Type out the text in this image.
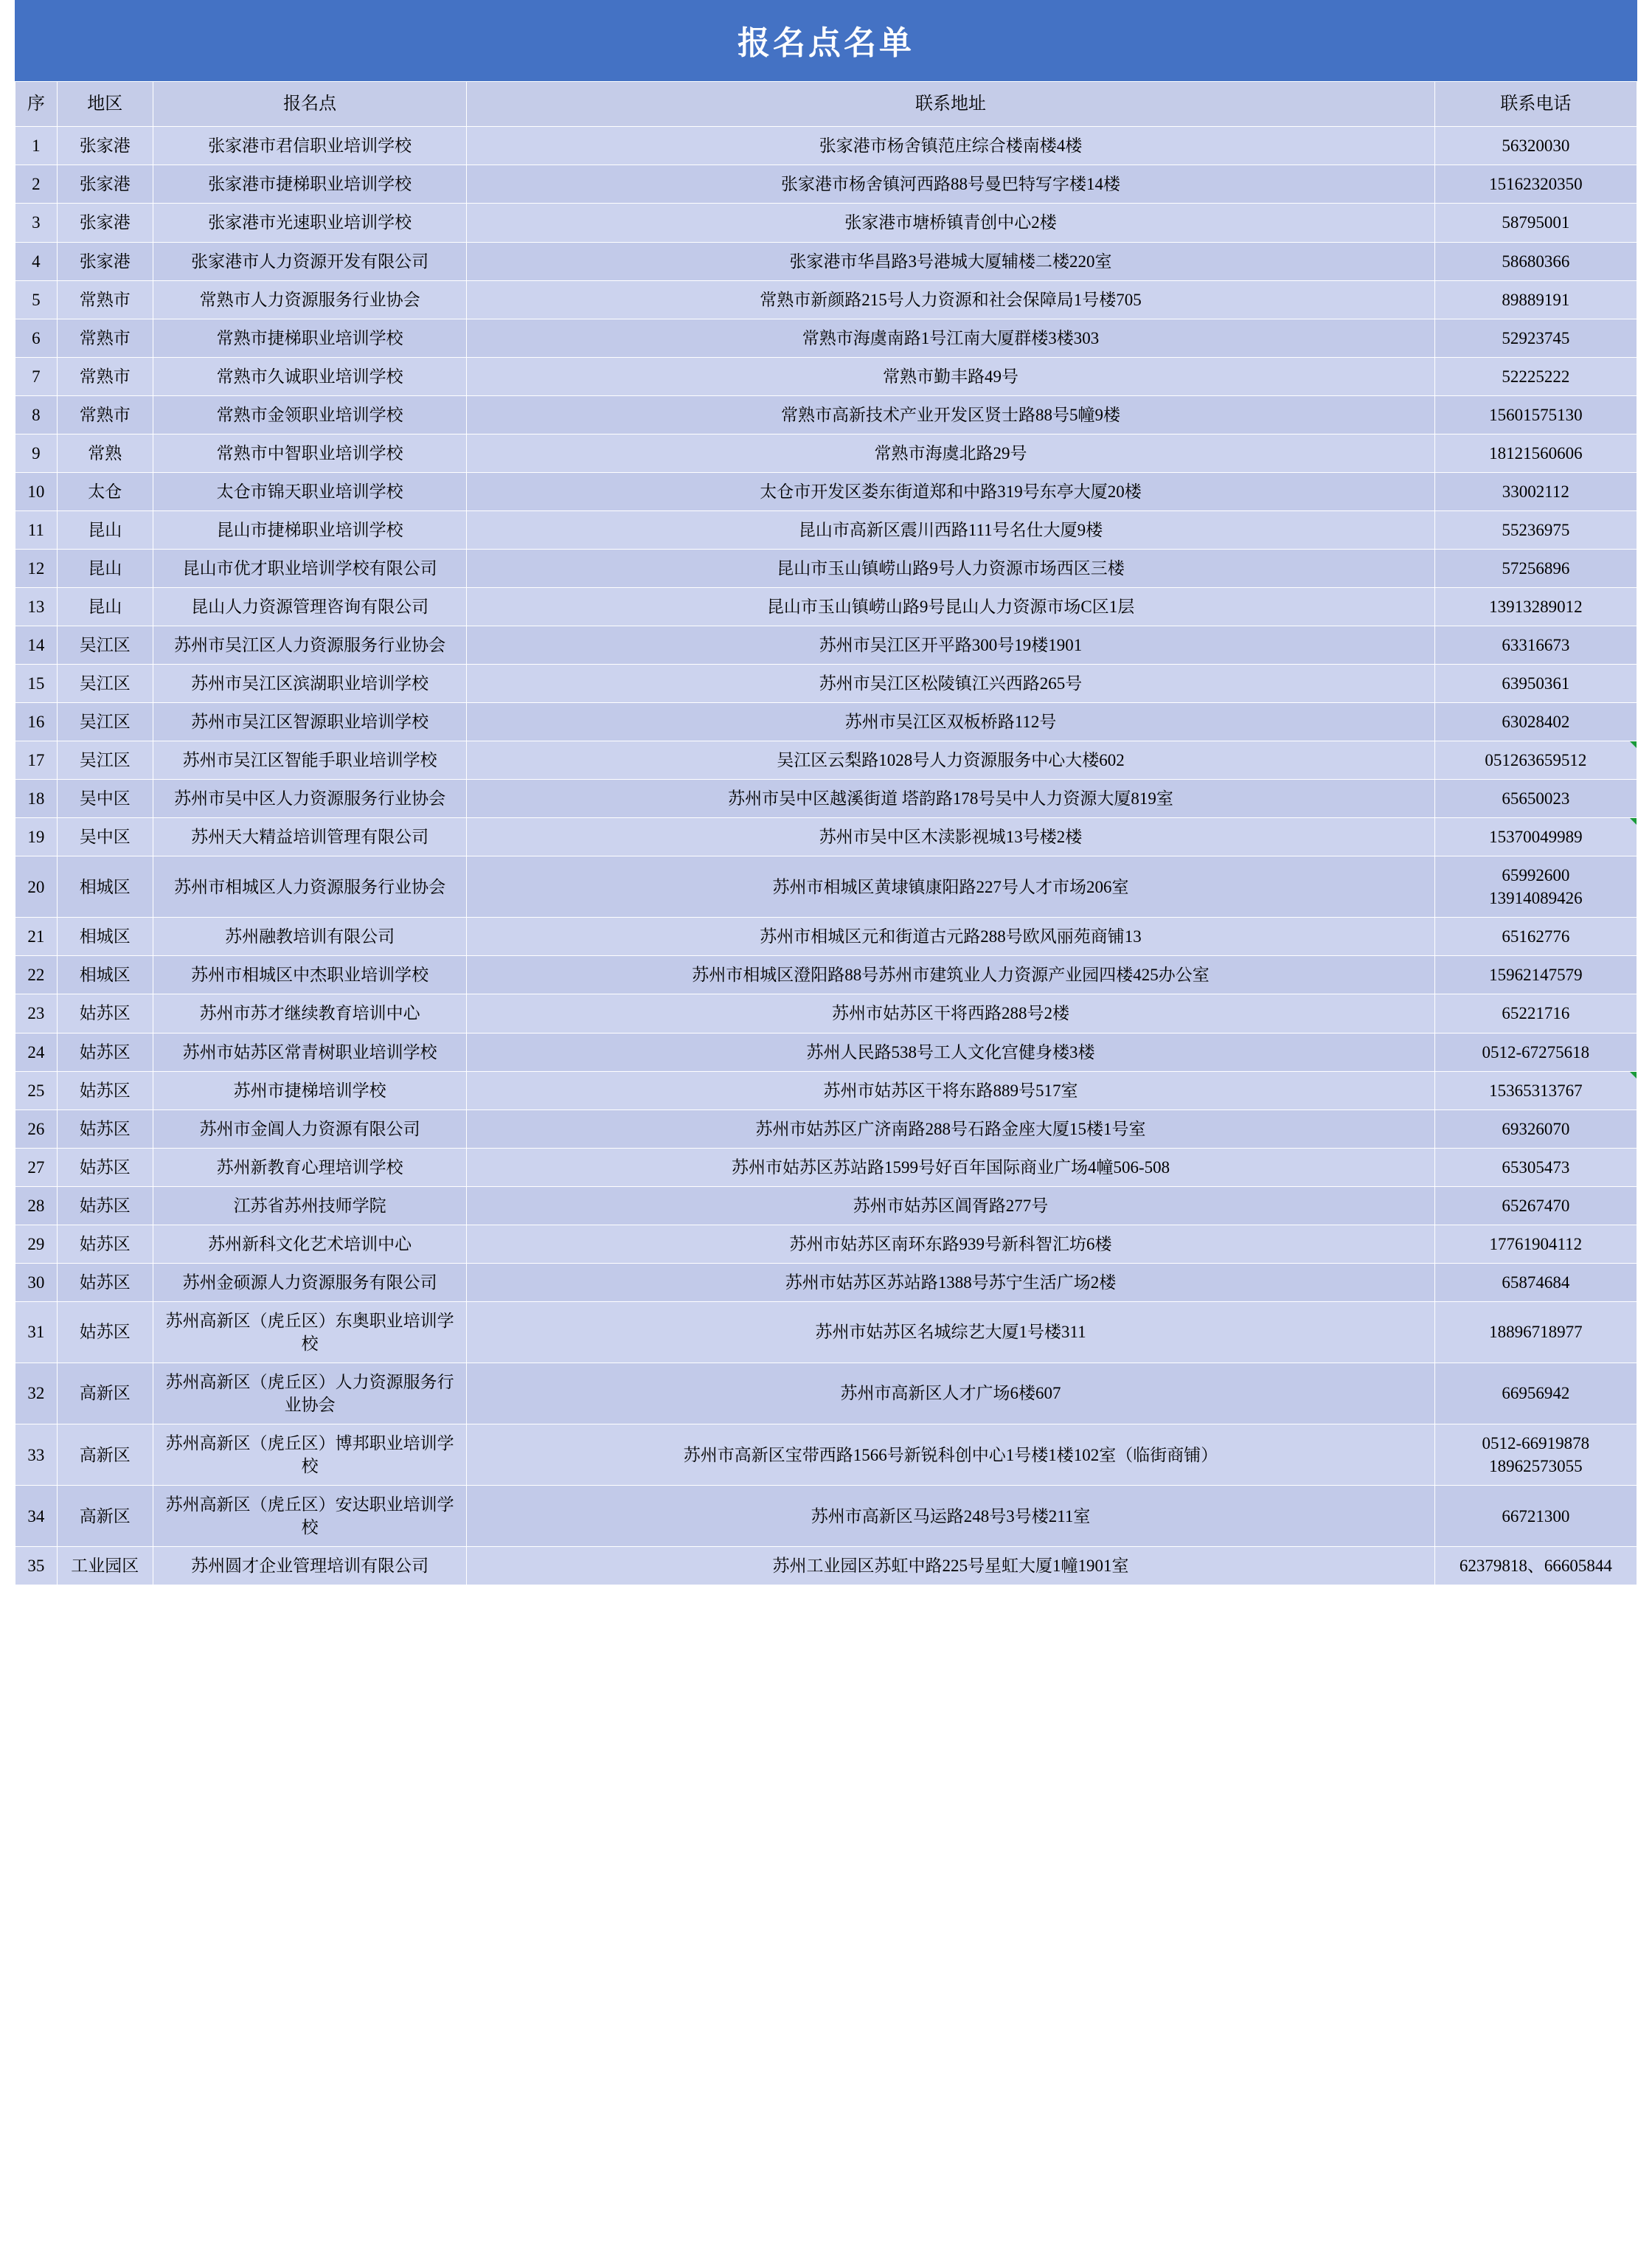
报名点名单
序	地区	报名点	联系地址	联系电话
1	张家港	张家港市君信职业培训学校	张家港市杨舍镇范庄综合楼南楼4楼	56320030
2	张家港	张家港市捷梯职业培训学校	张家港市杨舍镇河西路88号曼巴特写字楼14楼	15162320350
3	张家港	张家港市光速职业培训学校	张家港市塘桥镇青创中心2楼	58795001
4	张家港	张家港市人力资源开发有限公司	张家港市华昌路3号港城大厦辅楼二楼220室	58680366
5	常熟市	常熟市人力资源服务行业协会	常熟市新颜路215号人力资源和社会保障局1号楼705	89889191
6	常熟市	常熟市捷梯职业培训学校	常熟市海虞南路1号江南大厦群楼3楼303	52923745
7	常熟市	常熟市久诚职业培训学校	常熟市勤丰路49号	52225222
8	常熟市	常熟市金领职业培训学校	常熟市高新技术产业开发区贤士路88号5幢9楼	15601575130
9	常熟	常熟市中智职业培训学校	常熟市海虞北路29号	18121560606
10	太仓	太仓市锦天职业培训学校	太仓市开发区娄东街道郑和中路319号东亭大厦20楼	33002112
11	昆山	昆山市捷梯职业培训学校	昆山市高新区震川西路111号名仕大厦9楼	55236975
12	昆山	昆山市优才职业培训学校有限公司	昆山市玉山镇崂山路9号人力资源市场西区三楼	57256896
13	昆山	昆山人力资源管理咨询有限公司	昆山市玉山镇崂山路9号昆山人力资源市场C区1层	13913289012
14	吴江区	苏州市吴江区人力资源服务行业协会	苏州市吴江区开平路300号19楼1901	63316673
15	吴江区	苏州市吴江区滨湖职业培训学校	苏州市吴江区松陵镇江兴西路265号	63950361
16	吴江区	苏州市吴江区智源职业培训学校	苏州市吴江区双板桥路112号	63028402
17	吴江区	苏州市吴江区智能手职业培训学校	吴江区云梨路1028号人力资源服务中心大楼602	051263659512
18	吴中区	苏州市吴中区人力资源服务行业协会	苏州市吴中区越溪街道 塔韵路178号吴中人力资源大厦819室	65650023
19	吴中区	苏州天大精益培训管理有限公司	苏州市吴中区木渎影视城13号楼2楼	15370049989
20	相城区	苏州市相城区人力资源服务行业协会	苏州市相城区黄埭镇康阳路227号人才市场206室	65992600
13914089426

21	相城区	苏州融教培训有限公司	苏州市相城区元和街道古元路288号欧风丽苑商铺13	65162776
22	相城区	苏州市相城区中杰职业培训学校	苏州市相城区澄阳路88号苏州市建筑业人力资源产业园四楼425办公室	15962147579
23	姑苏区	苏州市苏才继续教育培训中心	苏州市姑苏区干将西路288号2楼	65221716
24	姑苏区	苏州市姑苏区常青树职业培训学校	苏州人民路538号工人文化宫健身楼3楼	0512-67275618
25	姑苏区	苏州市捷梯培训学校	苏州市姑苏区干将东路889号517室	15365313767
26	姑苏区	苏州市金阊人力资源有限公司	苏州市姑苏区广济南路288号石路金座大厦15楼1号室	69326070
27	姑苏区	苏州新教育心理培训学校	苏州市姑苏区苏站路1599号好百年国际商业广场4幢506-508	65305473
28	姑苏区	江苏省苏州技师学院	苏州市姑苏区阊胥路277号	65267470
29	姑苏区	苏州新科文化艺术培训中心	苏州市姑苏区南环东路939号新科智汇坊6楼	17761904112
30	姑苏区	苏州金硕源人力资源服务有限公司	苏州市姑苏区苏站路1388号苏宁生活广场2楼	65874684
31	姑苏区	苏州高新区（虎丘区）东奥职业培训学校	苏州市姑苏区名城综艺大厦1号楼311	18896718977
32	高新区	苏州高新区（虎丘区）人力资源服务行业协会	苏州市高新区人才广场6楼607	66956942
33	高新区	苏州高新区（虎丘区）博邦职业培训学校	苏州市高新区宝带西路1566号新锐科创中心1号楼1楼102室（临街商铺）	0512-66919878
18962573055

34	高新区	苏州高新区（虎丘区）安达职业培训学校	苏州市高新区马运路248号3号楼211室	66721300
35	工业园区	苏州圆才企业管理培训有限公司	苏州工业园区苏虹中路225号星虹大厦1幢1901室	62379818、66605844
